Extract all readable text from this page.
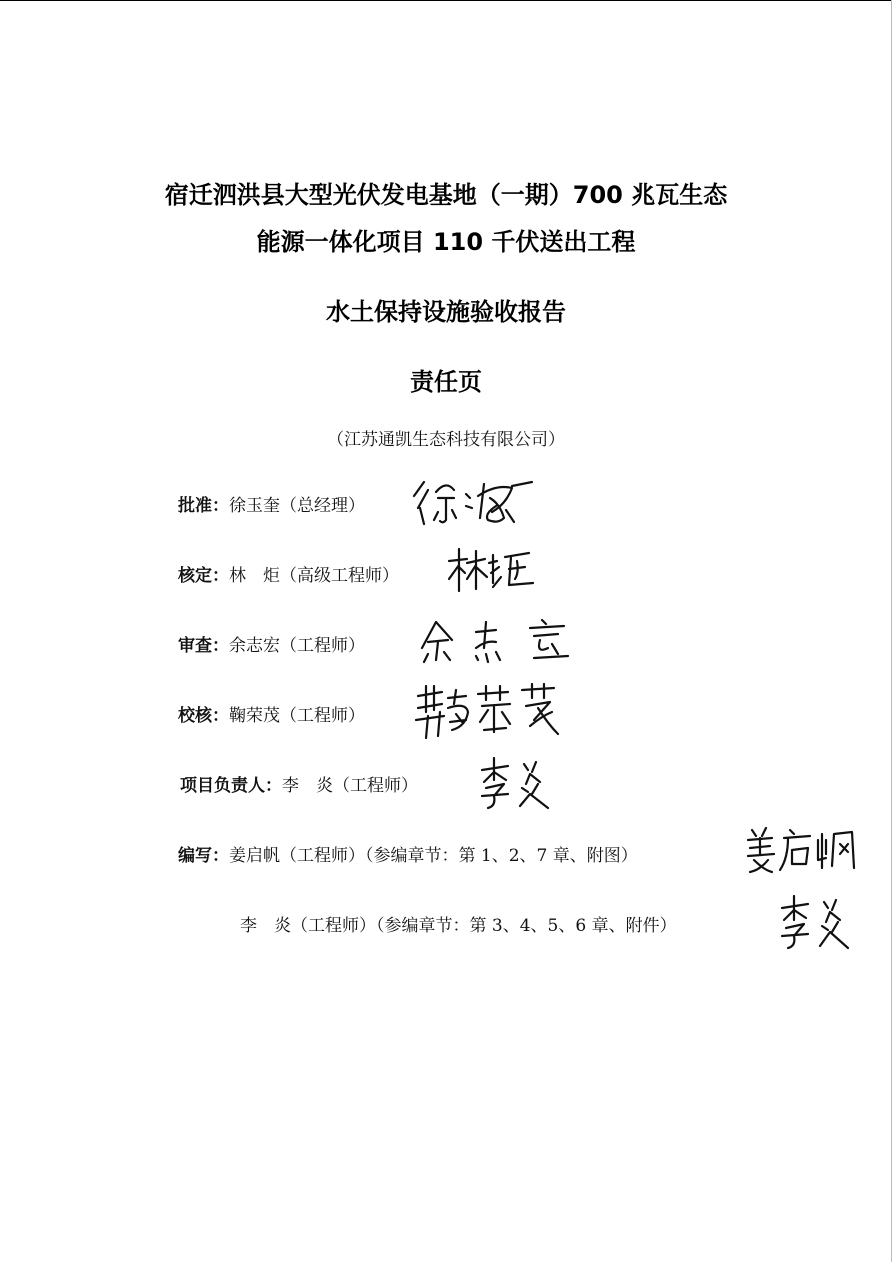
宿迁泗洪县大型光伏发电基地（一期）700 兆瓦生态
能源一体化项目 110 千伏送出工程
水土保持设施验收报告
责任页
（江苏通凯生态科技有限公司）
批准：徐玉奎（总经理）
核定：林　炬（高级工程师）
审查：余志宏（工程师）
校核：鞠荣茂（工程师）
项目负责人：李　炎（工程师）
编写：姜启帆（工程师）（参编章节：第 1、2、7 章、附图）
李　炎（工程师）（参编章节：第 3、4、5、6 章、附件）
